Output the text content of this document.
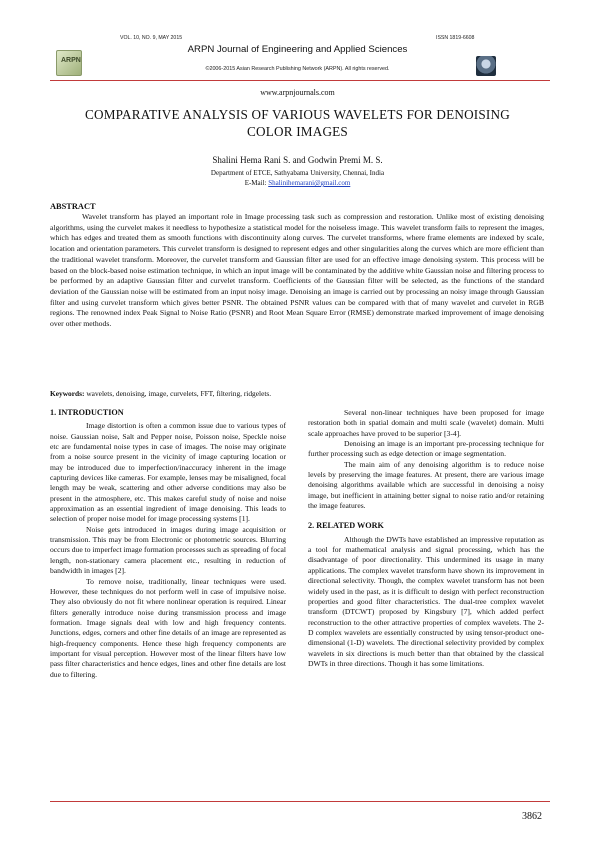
VOL. 10, NO. 9, MAY 2015	ISSN 1819-6608
ARPN
ARPN Journal of Engineering and Applied Sciences
©2006-2015 Asian Research Publishing Network (ARPN). All rights reserved.
www.arpnjournals.com
COMPARATIVE ANALYSIS OF VARIOUS WAVELETS FOR DENOISING
COLOR IMAGES
Shalini Hema Rani S. and Godwin Premi M. S.
Department of ETCE, Sathyabama University, Chennai, India
E-Mail: Shalinihemarani@gmail.com
ABSTRACT
Wavelet transform has played an important role in Image processing task such as compression and restoration. Unlike most of existing denoising algorithms, using the curvelet makes it needless to hypothesize a statistical model for the noiseless image. This wavelet transform fails to represent the images, which has edges and treated them as smooth functions with discontinuity along curves. The curvelet transforms, where frame elements are indexed by scale, location and orientation parameters. This curvelet transform is designed to represent edges and other singularities along the curves which are more efficient than the traditional wavelet transform. Moreover, the curvelet transform and Gaussian filter are used for an effective image denoising system. This process will be based on the block-based noise estimation technique, in which an input image will be contaminated by the additive white Gaussian noise and filtering process to be performed by an adaptive Gaussian filter and curvelet transform. Coefficients of the Gaussian filter will be selected, as the functions of the standard deviation of the Gaussian noise will be estimated from an input noisy image. Denoising an image is carried out by processing an noisy image through Gaussian filter and using curvelet transform which gives better PSNR. The obtained PSNR values can be compared with that of many wavelet and curvelet in RGB regions. The renowned index Peak Signal to Noise Ratio (PSNR) and Root Mean Square Error (RMSE) demonstrate marked improvement of image denoising over other methods.
Keywords: wavelets, denoising, image, curvelets, FFT, filtering, ridgelets.

1. INTRODUCTION

Image distortion is often a common issue due to various types of noise. Gaussian noise, Salt and Pepper noise, Poisson noise, Speckle noise etc are fundamental noise types in case of images. The noise may originate from a noise source present in the vicinity of image capturing location or may be introduced due to imperfection/inaccuracy inherent in the image capturing devices like cameras. For example, lenses may be misaligned, focal length may be weak, scattering and other adverse conditions may also be present in the atmosphere, etc. This makes careful study of noise and noise approximation as an essential ingredient of image denoising. This leads to selection of proper noise model for image processing systems [1].

Noise gets introduced in images during image acquisition or transmission. This may be from Electronic or photometric sources. Blurring occurs due to imperfect image formation processes such as spreading of focal length, non-stationary camera placement etc., resulting in reduction of bandwidth in images [2].

To remove noise, traditionally, linear techniques were used. However, these techniques do not perform well in case of impulsive noise. They also obviously do not fit where nonlinear operation is required. Linear filters generally introduce noise during transmission process and image formation. Image signals deal with low and high frequency contents. Junctions, edges, corners and other fine details of an image are represented as high-frequency components. Hence these high frequency components are important for visual perception. However most of the linear filters have low pass filter characteristics and hence edges, lines and other fine details are lost due to filtering.

Several non-linear techniques have been proposed for image restoration both in spatial domain and multi scale (wavelet) domain. Multi scale approaches have proved to be superior [3-4].

Denoising an image is an important pre-processing technique for further processing such as edge detection or image segmentation.

The main aim of any denoising algorithm is to reduce noise levels by preserving the image features. At present, there are various image denoising algorithms available which are successful in denoising a noisy image, but inefficient in attaining better signal to noise ratio and/or retaining the image features.

2. RELATED WORK

Although the DWTs have established an impressive reputation as a tool for mathematical analysis and signal processing, which has the disadvantage of poor directionality. This undermined its usage in many applications. The complex wavelet transform have shown its improvement in directional selectivity. Though, the complex wavelet transform has not been widely used in the past, as it is difficult to design with perfect reconstruction properties and good filter characteristics. The dual-tree complex wavelet transform (DTCWT) proposed by Kingsbury [7], which added perfect reconstruction to the other attractive properties of complex wavelets. The 2-D complex wavelets are essentially constructed by using tensor-product one-dimensional (1-D) wavelets. The directional selectivity provided by complex wavelets in six directions is much better than that obtained by the classical DWTs in three directions. Though it has some limitations.

3862
